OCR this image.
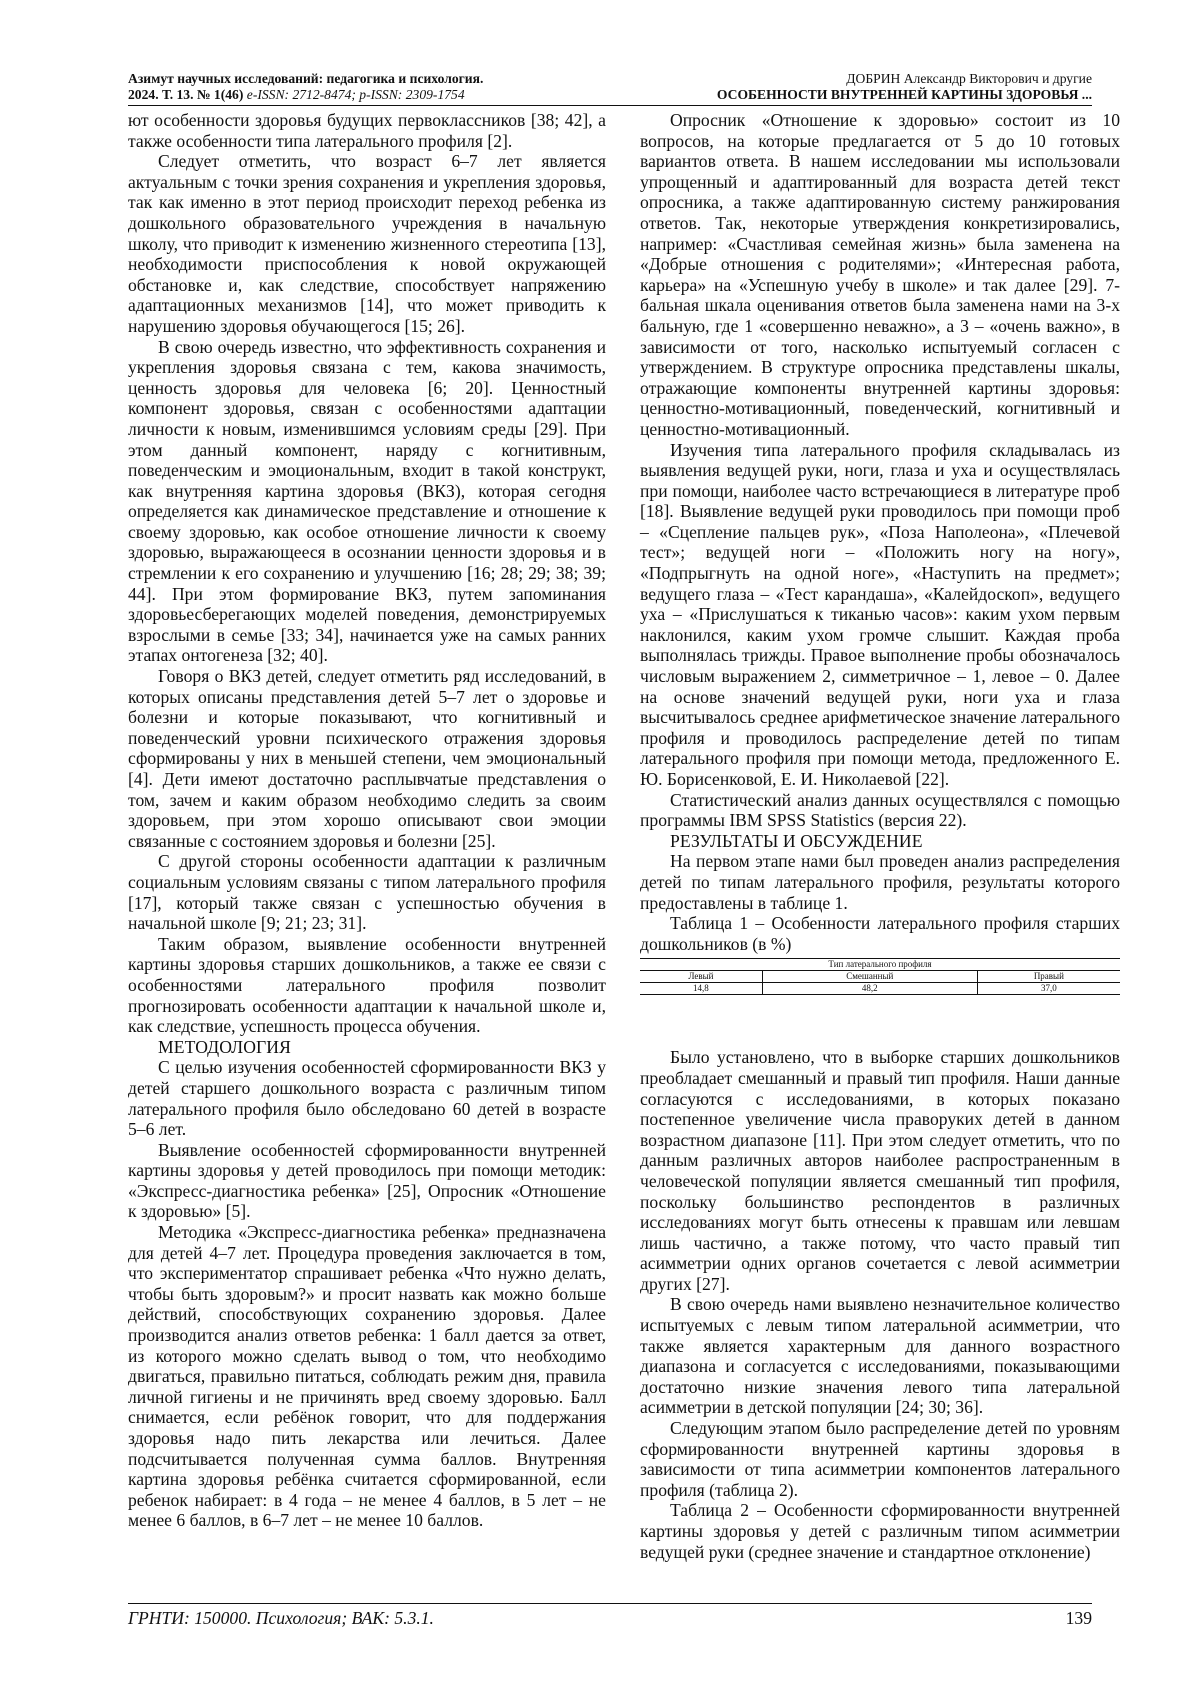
Азимут научных исследований: педагогика и психология.
2024. Т. 13. № 1(46) e-ISSN: 2712-8474; p-ISSN: 2309-1754
ДОБРИН Александр Викторович и другие
ОСОБЕННОСТИ ВНУТРЕННЕЙ КАРТИНЫ ЗДОРОВЬЯ ...

ют особенности здоровья будущих первоклассников [38; 42], а также особенности типа латерального профиля [2].

Следует отметить, что возраст 6–7 лет является актуальным с точки зрения сохранения и укрепления здоровья, так как именно в этот период происходит переход ребенка из дошкольного образовательного учреждения в начальную школу, что приводит к изменению жизненного стереотипа [13], необходимости приспособления к новой окружающей обстановке и, как следствие, способствует напряжению адаптационных механизмов [14], что может приводить к нарушению здоровья обучающегося [15; 26].

В свою очередь известно, что эффективность сохранения и укрепления здоровья связана с тем, какова значимость, ценность здоровья для человека [6; 20]. Ценностный компонент здоровья, связан с особенностями адаптации личности к новым, изменившимся условиям среды [29]. При этом данный компонент, наряду с когнитивным, поведенческим и эмоциональным, входит в такой конструкт, как внутренняя картина здоровья (ВКЗ), которая сегодня определяется как динамическое представление и отношение к своему здоровью, как особое отношение личности к своему здоровью, выражающееся в осознании ценности здоровья и в стремлении к его сохранению и улучшению [16; 28; 29; 38; 39; 44]. При этом формирование ВКЗ, путем запоминания здоровьесберегающих моделей поведения, демонстрируемых взрослыми в семье [33; 34], начинается уже на самых ранних этапах онтогенеза [32; 40].

Говоря о ВКЗ детей, следует отметить ряд исследований, в которых описаны представления детей 5–7 лет о здоровье и болезни и которые показывают, что когнитивный и поведенческий уровни психического отражения здоровья сформированы у них в меньшей степени, чем эмоциональный [4]. Дети имеют достаточно расплывчатые представления о том, зачем и каким образом необходимо следить за своим здоровьем, при этом хорошо описывают свои эмоции связанные с состоянием здоровья и болезни [25].

С другой стороны особенности адаптации к различным социальным условиям связаны с типом латерального профиля [17], который также связан с успешностью обучения в начальной школе [9; 21; 23; 31].

Таким образом, выявление особенности внутренней картины здоровья старших дошкольников, а также ее связи с особенностями латерального профиля позволит прогнозировать особенности адаптации к начальной школе и, как следствие, успешность процесса обучения.

МЕТОДОЛОГИЯ

С целью изучения особенностей сформированности ВКЗ у детей старшего дошкольного возраста с различным типом латерального профиля было обследовано 60 детей в возрасте 5–6 лет.

Выявление особенностей сформированности внутренней картины здоровья у детей проводилось при помощи методик: «Экспресс-диагностика ребенка» [25], Опросник «Отношение к здоровью» [5].

Методика «Экспресс-диагностика ребенка» предназначена для детей 4–7 лет. Процедура проведения заключается в том, что экспериментатор спрашивает ребенка «Что нужно делать, чтобы быть здоровым?» и просит назвать как можно больше действий, способствующих сохранению здоровья. Далее производится анализ ответов ребенка: 1 балл дается за ответ, из которого можно сделать вывод о том, что необходимо двигаться, правильно питаться, соблюдать режим дня, правила личной гигиены и не причинять вред своему здоровью. Балл снимается, если ребёнок говорит, что для поддержания здоровья надо пить лекарства или лечиться. Далее подсчитывается полученная сумма баллов. Внутренняя картина здоровья ребёнка считается сформированной, если ребенок набирает: в 4 года – не менее 4 баллов, в 5 лет – не менее 6 баллов, в 6–7 лет – не менее 10 баллов.

Опросник «Отношение к здоровью» состоит из 10 вопросов, на которые предлагается от 5 до 10 готовых вариантов ответа. В нашем исследовании мы использовали упрощенный и адаптированный для возраста детей текст опросника, а также адаптированную систему ранжирования ответов. Так, некоторые утверждения конкретизировались, например: «Счастливая семейная жизнь» была заменена на «Добрые отношения с родителями»; «Интересная работа, карьера» на «Успешную учебу в школе» и так далее [29]. 7-бальная шкала оценивания ответов была заменена нами на 3-х бальную, где 1 «совершенно неважно», а 3 – «очень важно», в зависимости от того, насколько испытуемый согласен с утверждением. В структуре опросника представлены шкалы, отражающие компоненты внутренней картины здоровья: ценностно-мотивационный, поведенческий, когнитивный и ценностно-мотивационный.

Изучения типа латерального профиля складывалась из выявления ведущей руки, ноги, глаза и уха и осуществлялась при помощи, наиболее часто встречающиеся в литературе проб [18]. Выявление ведущей руки проводилось при помощи проб – «Сцепление пальцев рук», «Поза Наполеона», «Плечевой тест»; ведущей ноги – «Положить ногу на ногу», «Подпрыгнуть на одной ноге», «Наступить на предмет»; ведущего глаза – «Тест карандаша», «Калейдоскоп», ведущего уха – «Прислушаться к тиканью часов»: каким ухом первым наклонился, каким ухом громче слышит. Каждая проба выполнялась трижды. Правое выполнение пробы обозначалось числовым выражением 2, симметричное – 1, левое – 0. Далее на основе значений ведущей руки, ноги уха и глаза высчитывалось среднее арифметическое значение латерального профиля и проводилось распределение детей по типам латерального профиля при помощи метода, предложенного Е. Ю. Борисенковой, Е. И. Николаевой [22].

Статистический анализ данных осуществлялся с помощью программы IBM SPSS Statistics (версия 22).

РЕЗУЛЬТАТЫ И ОБСУЖДЕНИЕ

На первом этапе нами был проведен анализ распределения детей по типам латерального профиля, результаты которого предоставлены в таблице 1.

Таблица 1 – Особенности латерального профиля старших дошкольников (в %)

Тип латерального профиля		
Левый	Смешанный	Правый
14,8	48,2	37,0

Было установлено, что в выборке старших дошкольников преобладает смешанный и правый тип профиля. Наши данные согласуются с исследованиями, в которых показано постепенное увеличение числа праворуких детей в данном возрастном диапазоне [11]. При этом следует отметить, что по данным различных авторов наиболее распространенным в человеческой популяции является смешанный тип профиля, поскольку большинство респондентов в различных исследованиях могут быть отнесены к правшам или левшам лишь частично, а также потому, что часто правый тип асимметрии одних органов сочетается с левой асимметрии других [27].

В свою очередь нами выявлено незначительное количество испытуемых с левым типом латеральной асимметрии, что также является характерным для данного возрастного диапазона и согласуется с исследованиями, показывающими достаточно низкие значения левого типа латеральной асимметрии в детской популяции [24; 30; 36].

Следующим этапом было распределение детей по уровням сформированности внутренней картины здоровья в зависимости от типа асимметрии компонентов латерального профиля (таблица 2).

Таблица 2 – Особенности сформированности внутренней картины здоровья у детей с различным типом асимметрии ведущей руки (среднее значение и стандартное отклонение)

ГРНТИ: 150000. Психология; ВАК: 5.3.1.	139
